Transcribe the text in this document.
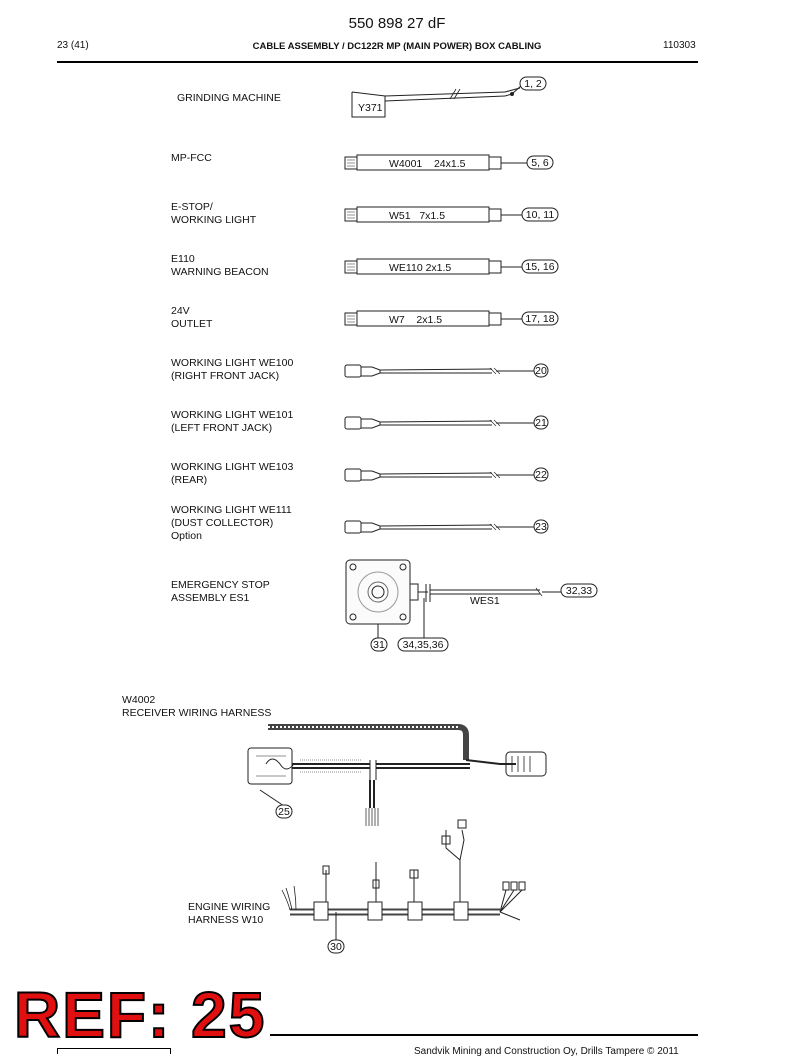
550 898 27 dF
23 (41)	CABLE ASSEMBLY / DC122R MP (MAIN POWER) BOX CABLING	110303
GRINDING MACHINE
MP-FCC
E-STOP/
WORKING LIGHT
E110
WARNING BEACON
24V
OUTLET
WORKING LIGHT WE100
(RIGHT FRONT JACK)
WORKING LIGHT WE101
(LEFT FRONT JACK)
WORKING LIGHT WE103
(REAR)
WORKING LIGHT WE111
(DUST COLLECTOR)
Option
EMERGENCY STOP
ASSEMBLY ES1
W4002
RECEIVER WIRING HARNESS
ENGINE WIRING
HARNESS W10
Y371
W4001    24x1.5
W51   7x1.5
WE110 2x1.5
W7    2x1.5
WES1
1, 2
5, 6
10, 11
15, 16
17, 18
20
21
22
23
32,33
31 34,35,36
25
30
Sandvik Mining and Construction Oy, Drills Tampere © 2011
REF: 25
